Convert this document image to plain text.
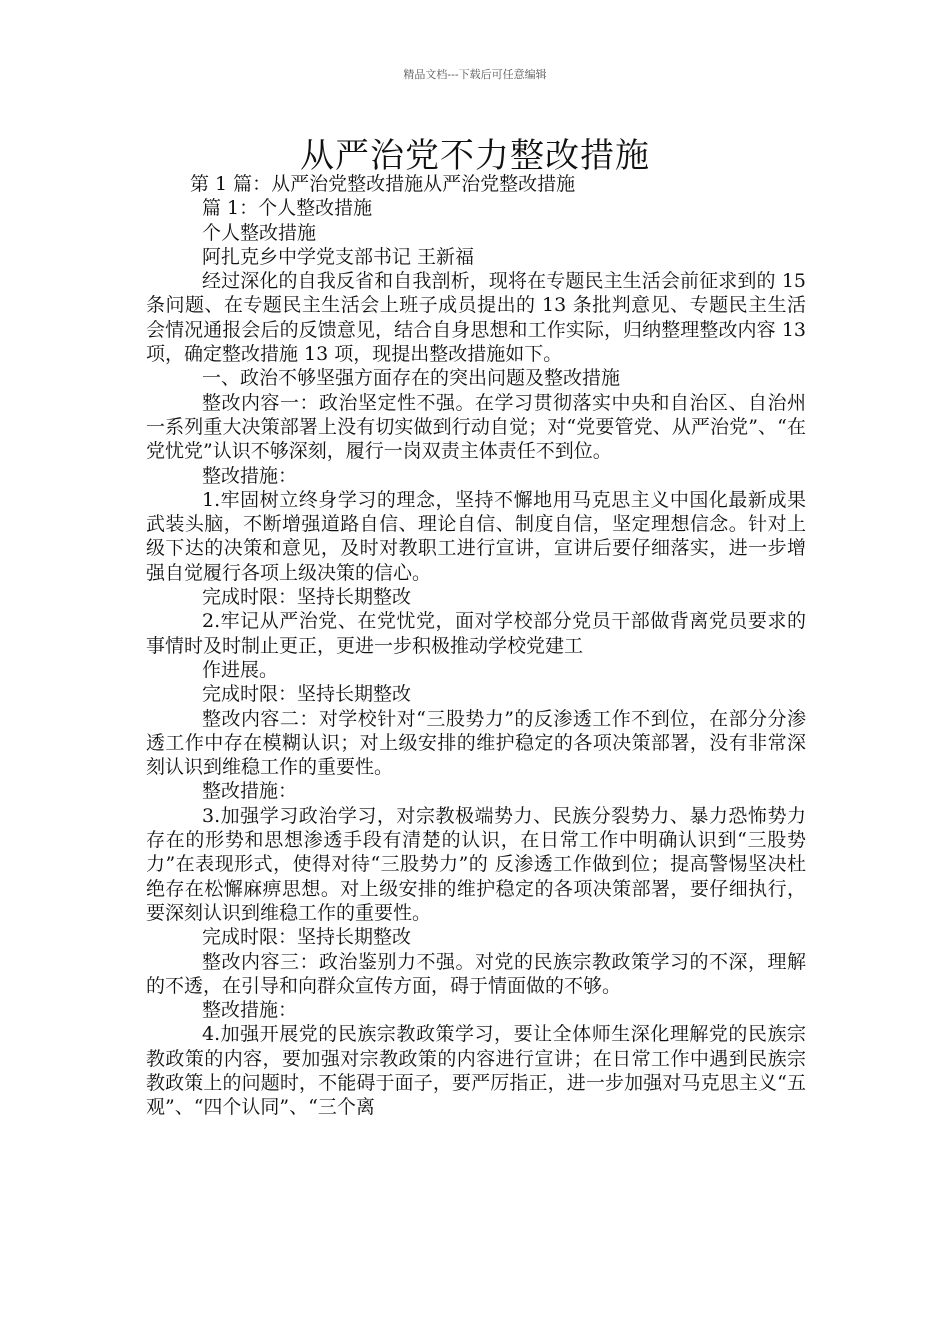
精品文档---下载后可任意编辑
从严治党不力整改措施

第 1 篇：从严治党整改措施从严治党整改措施

篇 1：个人整改措施

个人整改措施

阿扎克乡中学党支部书记 王新福

经过深化的自我反省和自我剖析，现将在专题民主生活会前征求到的 15 条问题、在专题民主生活会上班子成员提出的 13 条批判意见、专题民主生活会情况通报会后的反馈意见，结合自身思想和工作实际，归纳整理整改内容 13 项，确定整改措施 13 项，现提出整改措施如下。

一、政治不够坚强方面存在的突出问题及整改措施

整改内容一：政治坚定性不强。在学习贯彻落实中央和自治区、自治州一系列重大决策部署上没有切实做到行动自觉；对“党要管党、从严治党”、“在党忧党”认识不够深刻，履行一岗双责主体责任不到位。

整改措施：

1.牢固树立终身学习的理念，坚持不懈地用马克思主义中国化最新成果武装头脑，不断增强道路自信、理论自信、制度自信，坚定理想信念。针对上级下达的决策和意见，及时对教职工进行宣讲，宣讲后要仔细落实，进一步增强自觉履行各项上级决策的信心。

完成时限：坚持长期整改

2.牢记从严治党、在党忧党，面对学校部分党员干部做背离党员要求的事情时及时制止更正，更进一步积极推动学校党建工

作进展。

完成时限：坚持长期整改

整改内容二：对学校针对“三股势力”的反渗透工作不到位，在部分分渗透工作中存在模糊认识；对上级安排的维护稳定的各项决策部署，没有非常深刻认识到维稳工作的重要性。

整改措施：

3.加强学习政治学习，对宗教极端势力、民族分裂势力、暴力恐怖势力存在的形势和思想渗透手段有清楚的认识，在日常工作中明确认识到“三股势力”在表现形式，使得对待“三股势力”的 反渗透工作做到位；提高警惕坚决杜绝存在松懈麻痹思想。对上级安排的维护稳定的各项决策部署，要仔细执行，要深刻认识到维稳工作的重要性。

完成时限：坚持长期整改

整改内容三：政治鉴别力不强。对党的民族宗教政策学习的不深，理解的不透，在引导和向群众宣传方面，碍于情面做的不够。

整改措施：

4.加强开展党的民族宗教政策学习，要让全体师生深化理解党的民族宗教政策的内容，要加强对宗教政策的内容进行宣讲；在日常工作中遇到民族宗教政策上的问题时，不能碍于面子，要严厉指正，进一步加强对马克思主义“五观”、“四个认同”、“三个离
